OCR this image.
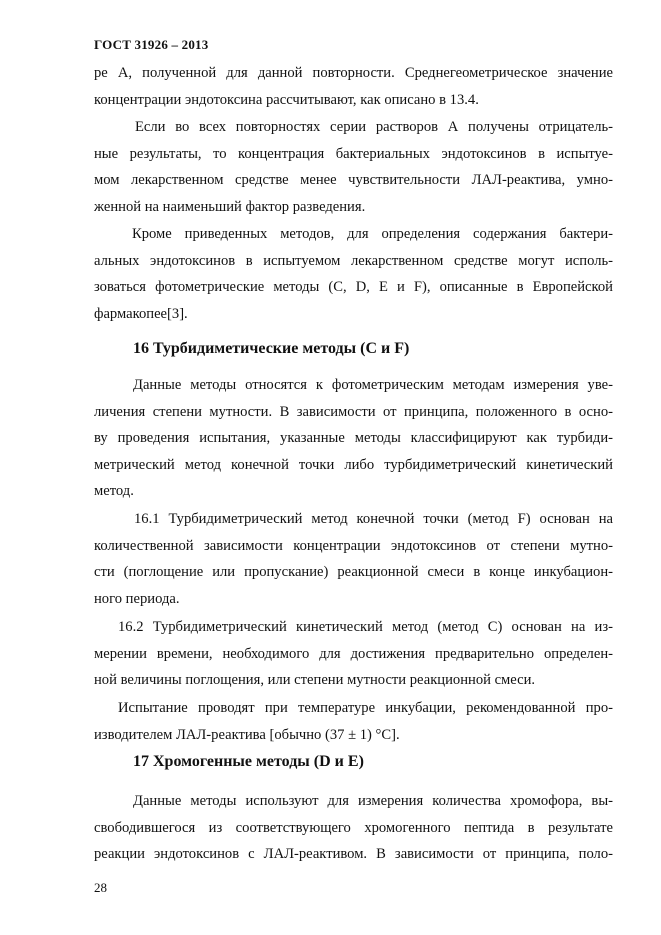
ГОСТ 31926 – 2013
ре А, полученной для данной повторности. Среднегеометрическое значение
концентрации эндотоксина рассчитывают, как описано в 13.4.
Если во всех повторностях серии растворов А получены отрицатель-
ные результаты, то концентрация бактериальных эндотоксинов в испытуе-
мом лекарственном средстве менее чувствительности ЛАЛ-реактива, умно-
женной на наименьший фактор разведения.
Кроме приведенных методов, для определения содержания бактери-
альных эндотоксинов в испытуемом лекарственном средстве могут исполь-
зоваться фотометрические методы (С, D, Е и F), описанные в Европейской
фармакопее[3].
16 Турбидиметические методы (С и F)
Данные методы относятся к фотометрическим методам измерения уве-
личения степени мутности. В зависимости от принципа, положенного в осно-
ву проведения испытания, указанные методы классифицируют как турбиди-
метрический метод конечной точки либо турбидиметрический кинетический
метод.
16.1 Турбидиметрический метод конечной точки (метод F) основан на
количественной зависимости концентрации эндотоксинов от степени мутно-
сти (поглощение или пропускание) реакционной смеси в конце инкубацион-
ного периода.
16.2 Турбидиметрический кинетический метод (метод С) основан на из-
мерении времени, необходимого для достижения предварительно определен-
ной величины поглощения, или степени мутности реакционной смеси.
Испытание проводят при температуре инкубации, рекомендованной про-
изводителем ЛАЛ-реактива [обычно (37 ± 1) °С].
17 Хромогенные методы (D и Е)
Данные методы используют для измерения количества хромофора, вы-
свободившегося из соответствующего хромогенного пептида в результате
реакции эндотоксинов с ЛАЛ-реактивом. В зависимости от принципа, поло-
28
